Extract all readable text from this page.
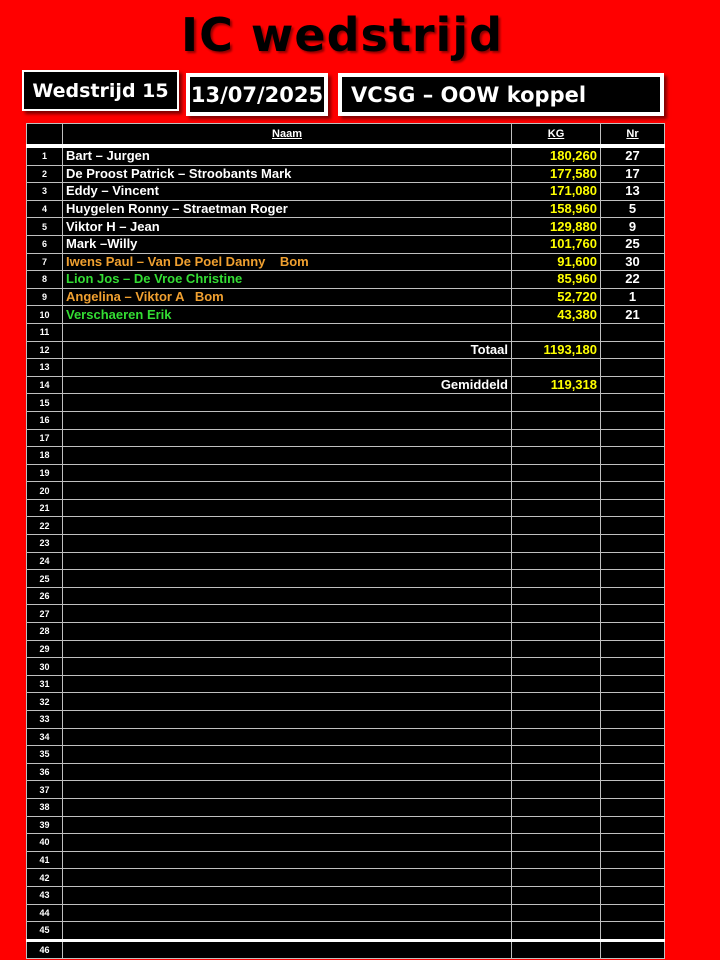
IC wedstrijd
Wedstrijd 15	13/07/2025	VCSG – OOW koppel
	Naam	KG	Nr
1	Bart – Jurgen	180,260	27
2	De Proost Patrick – Stroobants Mark	177,580	17
3	Eddy – Vincent	171,080	13
4	Huygelen Ronny – Straetman Roger	158,960	5
5	Viktor H – Jean	129,880	9
6	Mark –Willy	101,760	25
7	Iwens Paul – Van De Poel Danny    Bom	91,600	30
8	Lion Jos – De Vroe Christine	85,960	22
9	Angelina – Viktor A   Bom	52,720	1
10	Verschaeren Erik	43,380	21
11			
12	Totaal	1193,180	
13			
14	Gemiddeld	119,318	
15			
16			
17			
18			
19			
20			
21			
22			
23			
24			
25			
26			
27			
28			
29			
30			
31			
32			
33			
34			
35			
36			
37			
38			
39			
40			
41			
42			
43			
44			
45			
46			
